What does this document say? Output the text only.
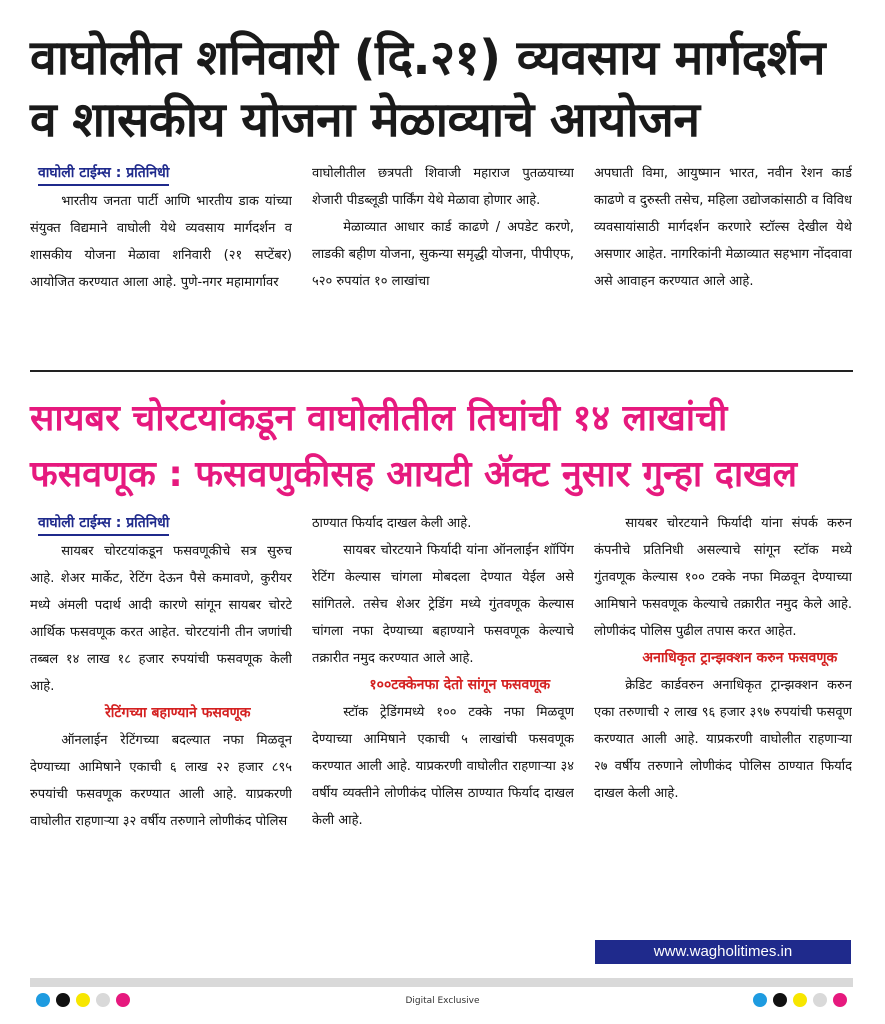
वाघोलीत शनिवारी (दि.२१) व्यवसाय मार्गदर्शन
व शासकीय योजना मेळाव्याचे आयोजन
वाघोली टाईम्स : प्रतिनिधी

भारतीय जनता पार्टी आणि भारतीय डाक यांच्या संयुक्त विद्यमाने वाघोली येथे व्यवसाय मार्गदर्शन व शासकीय योजना मेळावा शनिवारी (२१ सप्टेंबर) आयोजित करण्यात आला आहे. पुणे-नगर महामार्गावर

वाघोलीतील छत्रपती शिवाजी महाराज पुतळयाच्या शेजारी पीडब्लूडी पार्किंग येथे मेळावा होणार आहे.

मेळाव्यात आधार कार्ड काढणे / अपडेट करणे, लाडकी बहीण योजना, सुकन्या समृद्धी योजना, पीपीएफ, ५२० रुपयांत १० लाखांचा

अपघाती विमा, आयुष्मान भारत, नवीन रेशन कार्ड काढणे व दुरुस्ती तसेच, महिला उद्योजकांसाठी व विविध व्यवसायांसाठी मार्गदर्शन करणारे स्टॉल्स देखील येथे असणार आहेत. नागरिकांनी मेळाव्यात सहभाग नोंदवावा असे आवाहन करण्यात आले आहे.

सायबर चोरटयांकडून वाघोलीतील तिघांची १४ लाखांची
फसवणूक : फसवणुकीसह आयटी ॲक्ट नुसार गुन्हा दाखल
वाघोली टाईम्स : प्रतिनिधी

सायबर चोरटयांकडून फसवणूकीचे सत्र सुरुच आहे. शेअर मार्केट, रेटिंग देऊन पैसे कमावणे, कुरीयर मध्ये अंमली पदार्थ आदी कारणे सांगून सायबर चोरटे आर्थिक फसवणूक करत आहेत. चोरटयांनी तीन जणांची तब्बल १४ लाख १८ हजार रुपयांची फसवणूक केली आहे.

रेटिंगच्या बहाण्याने फसवणूक

ऑनलाईन रेटिंगच्या बदल्यात नफा मिळवून देण्याच्या आमिषाने एकाची ६ लाख २२ हजार ८९५ रुपयांची फसवणूक करण्यात आली आहे. याप्रकरणी वाघोलीत राहणाऱ्या ३२ वर्षीय तरुणाने लोणीकंद पोलिस

ठाण्यात फिर्याद दाखल केली आहे.

सायबर चोरटयाने फिर्यादी यांना ऑनलाईन शॉपिंग रेटिंग केल्यास चांगला मोबदला देण्यात येईल असे सांगितले. तसेच शेअर ट्रेडिंग मध्ये गुंतवणूक केल्यास चांगला नफा देण्याच्या बहाण्याने फसवणूक केल्याचे तक्रारीत नमुद करण्यात आले आहे.

१००टक्केनफा देतो सांगून फसवणूक

स्टॉक ट्रेडिंगमध्ये १०० टक्के नफा मिळवूण देण्याच्या आमिषाने एकाची ५ लाखांची फसवणूक करण्यात आली आहे. याप्रकरणी वाघोलीत राहणाऱ्या ३४ वर्षीय व्यक्तीने लोणीकंद पोलिस ठाण्यात फिर्याद दाखल केली आहे.

सायबर चोरटयाने फिर्यादी यांना संपर्क करुन कंपनीचे प्रतिनिधी असल्याचे सांगून स्टॉक मध्ये गुंतवणूक केल्यास १०० टक्के नफा मिळवून देण्याच्या आमिषाने फसवणूक केल्याचे तक्रारीत नमुद केले आहे. लोणीकंद पोलिस पुढील तपास करत आहेत.

अनाधिकृत ट्रान्झक्शन करुन फसवणूक

क्रेडिट कार्डवरुन अनाधिकृत ट्रान्झक्शन करुन एका तरुणाची २ लाख ९६ हजार ३९७ रुपयांची फसवूण करण्यात आली आहे. याप्रकरणी वाघोलीत राहणाऱ्या २७ वर्षीय तरुणाने लोणीकंद पोलिस ठाण्यात फिर्याद दाखल केली आहे.

www.wagholitimes.in
Digital Exclusive
